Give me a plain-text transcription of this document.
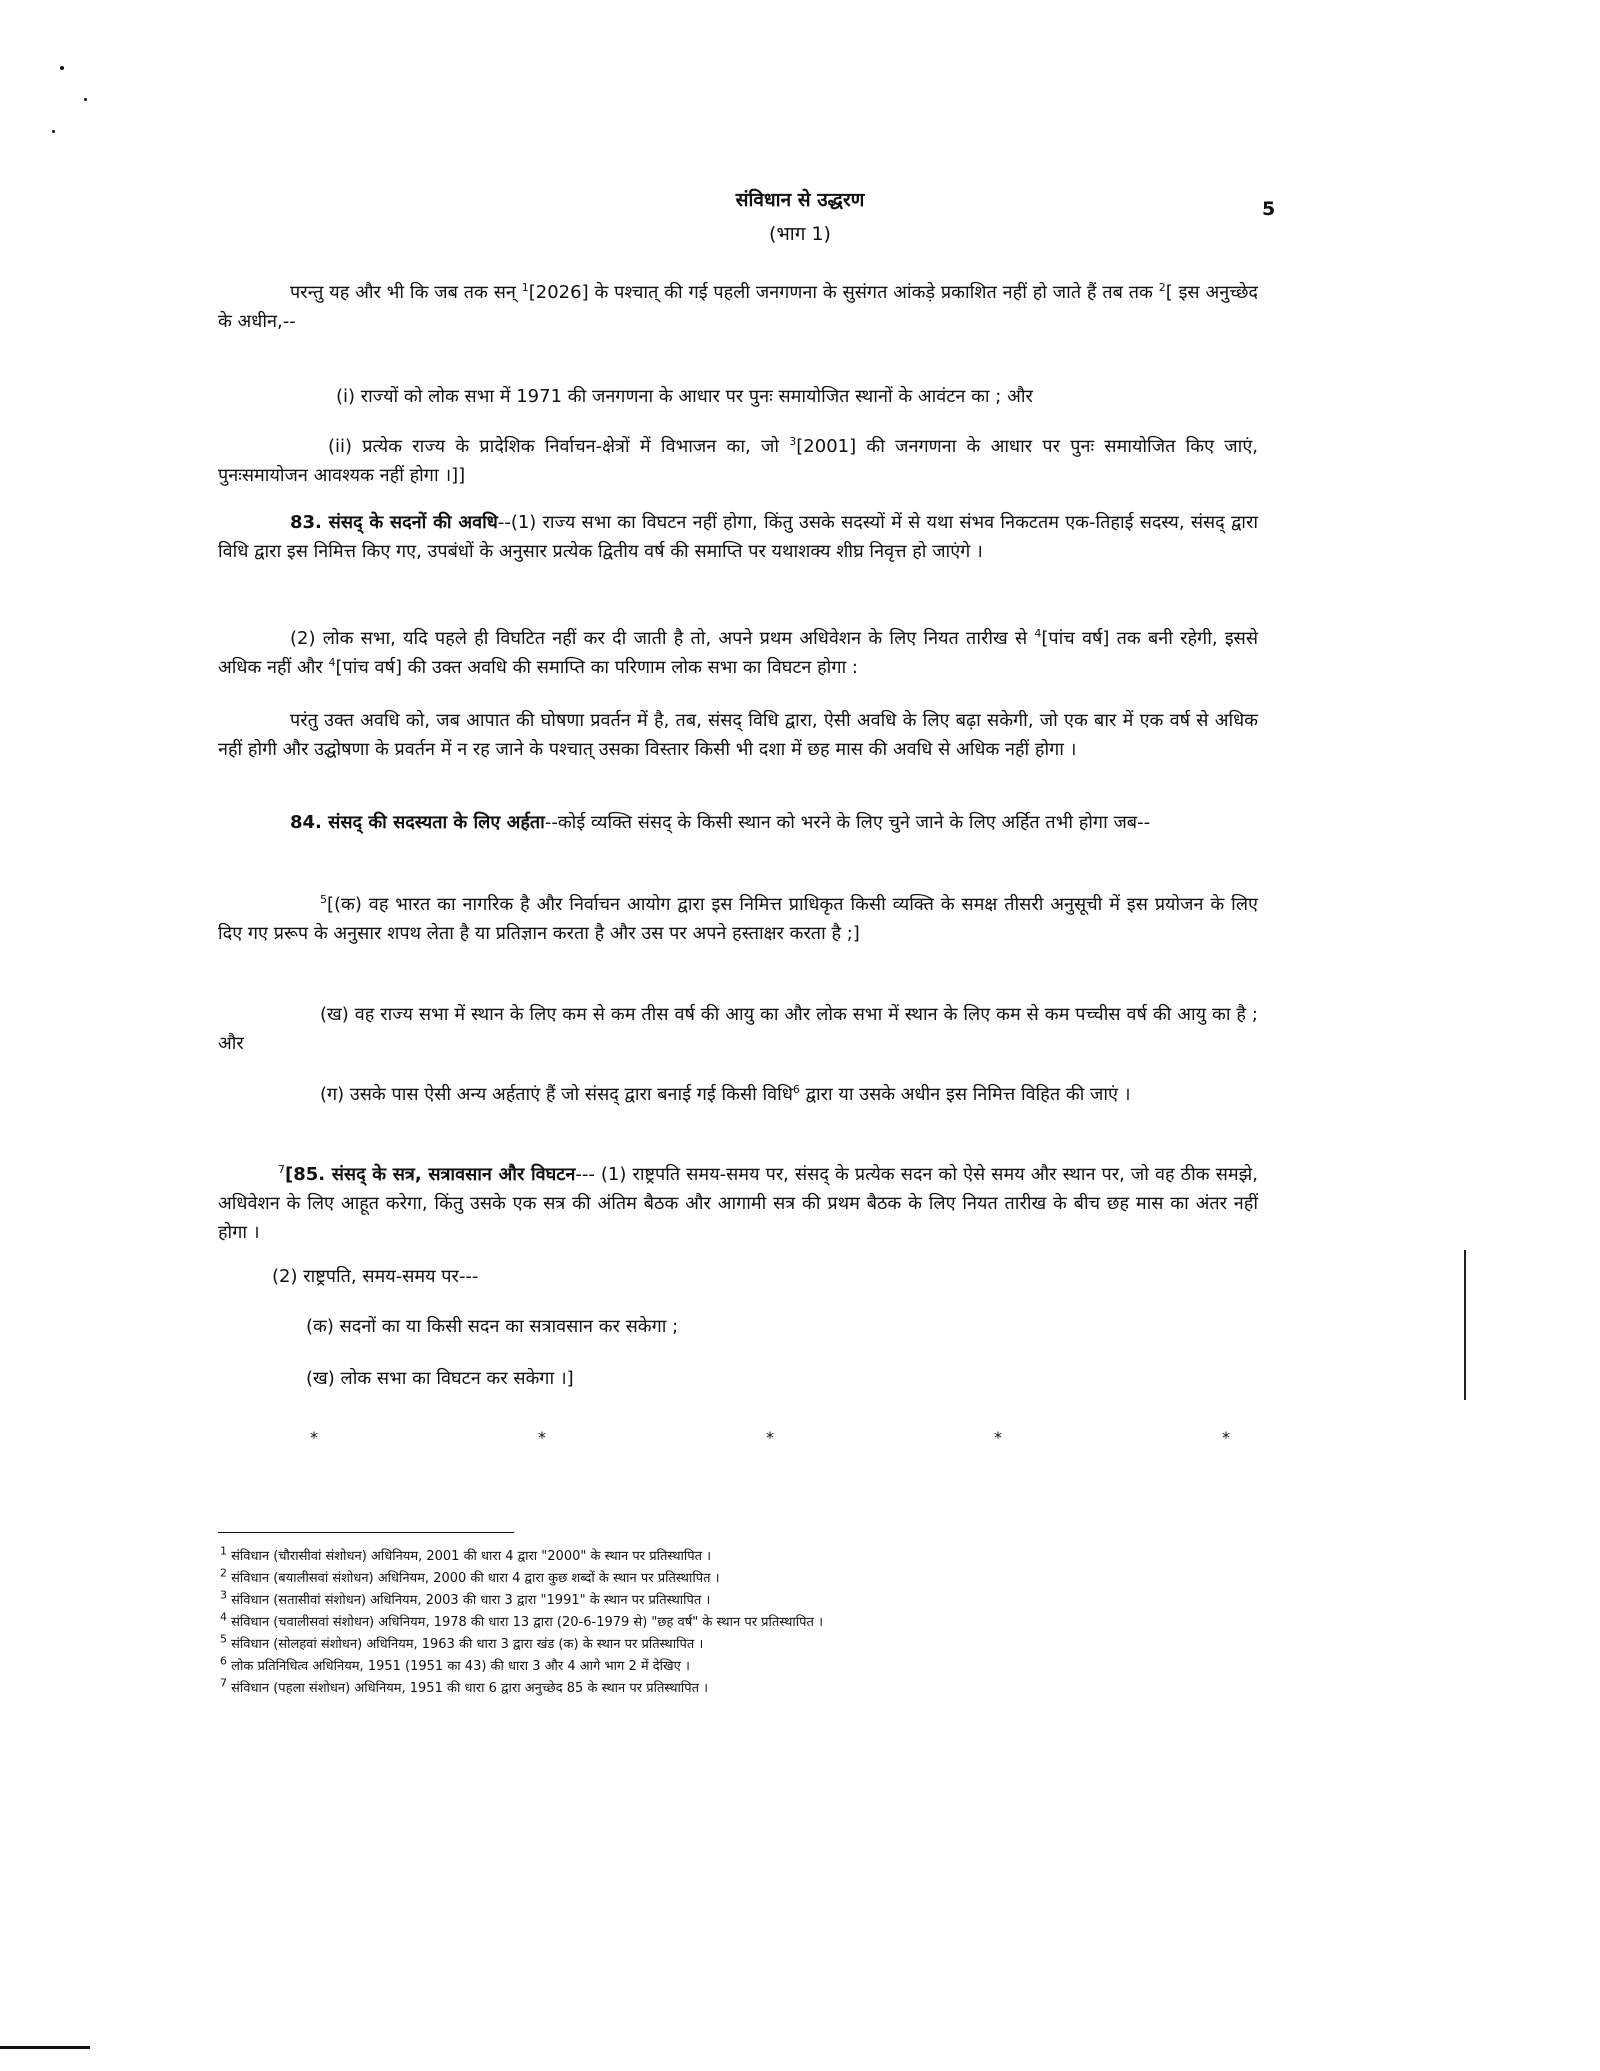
संविधान से उद्धरण
(भाग 1)
5
परन्तु यह और भी कि जब तक सन् $^1$[2026] के पश्चात् की गई पहली जनगणना के सुसंगत आंकड़े प्रकाशित नहीं हो जाते हैं तब तक $^2$[ इस अनुच्छेद के अधीन,--
(i) राज्यों को लोक सभा में 1971 की जनगणना के आधार पर पुनः समायोजित स्थानों के आवंटन का ; और
(ii) प्रत्येक राज्य के प्रादेशिक निर्वाचन-क्षेत्रों में विभाजन का, जो $^3$[2001] की जनगणना के आधार पर पुनः समायोजित किए जाएं, पुनःसमायोजन आवश्यक नहीं होगा ।]]
83. संसद् के सदनों की अवधि--(1) राज्य सभा का विघटन नहीं होगा, किंतु उसके सदस्यों में से यथा संभव निकटतम एक-तिहाई सदस्य, संसद् द्वारा विधि द्वारा इस निमित्त किए गए, उपबंधों के अनुसार प्रत्येक द्वितीय वर्ष की समाप्ति पर यथाशक्य शीघ्र निवृत्त हो जाएंगे ।
(2) लोक सभा, यदि पहले ही विघटित नहीं कर दी जाती है तो, अपने प्रथम अधिवेशन के लिए नियत तारीख से $^4$[पांच वर्ष] तक बनी रहेगी, इससे अधिक नहीं और $^4$[पांच वर्ष] की उक्त अवधि की समाप्ति का परिणाम लोक सभा का विघटन होगा :
परंतु उक्त अवधि को, जब आपात की घोषणा प्रवर्तन में है, तब, संसद् विधि द्वारा, ऐसी अवधि के लिए बढ़ा सकेगी, जो एक बार में एक वर्ष से अधिक नहीं होगी और उद्घोषणा के प्रवर्तन में न रह जाने के पश्चात् उसका विस्तार किसी भी दशा में छह मास की अवधि से अधिक नहीं होगा ।
84. संसद् की सदस्यता के लिए अर्हता--कोई व्यक्ति संसद् के किसी स्थान को भरने के लिए चुने जाने के लिए अर्हित तभी होगा जब--
$^5$[(क) वह भारत का नागरिक है और निर्वाचन आयोग द्वारा इस निमित्त प्राधिकृत किसी व्यक्ति के समक्ष तीसरी अनुसूची में इस प्रयोजन के लिए दिए गए प्ररूप के अनुसार शपथ लेता है या प्रतिज्ञान करता है और उस पर अपने हस्ताक्षर करता है ;]
(ख) वह राज्य सभा में स्थान के लिए कम से कम तीस वर्ष की आयु का और लोक सभा में स्थान के लिए कम से कम पच्चीस वर्ष की आयु का है ; और
(ग) उसके पास ऐसी अन्य अर्हताएं हैं जो संसद् द्वारा बनाई गई किसी विधि$^6$ द्वारा या उसके अधीन इस निमित्त विहित की जाएं ।
$^7$[85. संसद् के सत्र, सत्रावसान और विघटन--- (1) राष्ट्रपति समय-समय पर, संसद् के प्रत्येक सदन को ऐसे समय और स्थान पर, जो वह ठीक समझे, अधिवेशन के लिए आहूत करेगा, किंतु उसके एक सत्र की अंतिम बैठक और आगामी सत्र की प्रथम बैठक के लिए नियत तारीख के बीच छह मास का अंतर नहीं होगा ।
(2) राष्ट्रपति, समय-समय पर---
(क) सदनों का या किसी सदन का सत्रावसान कर सकेगा ;
(ख) लोक सभा का विघटन कर सकेगा ।]
*	*	*	*	*
$^1$ संविधान (चौरासीवां संशोधन) अधिनियम, 2001 की धारा 4 द्वारा "2000" के स्थान पर प्रतिस्थापित ।
$^2$ संविधान (बयालीसवां संशोधन) अधिनियम, 2000 की धारा 4 द्वारा कुछ शब्दों के स्थान पर प्रतिस्थापित ।
$^3$ संविधान (सतासीवां संशोधन) अधिनियम, 2003 की धारा 3 द्वारा "1991" के स्थान पर प्रतिस्थापित ।
$^4$ संविधान (चवालीसवां संशोधन) अधिनियम, 1978 की धारा 13 द्वारा (20-6-1979 से) "छह वर्ष" के स्थान पर प्रतिस्थापित ।
$^5$ संविधान (सोलहवां संशोधन) अधिनियम, 1963 की धारा 3 द्वारा खंड (क) के स्थान पर प्रतिस्थापित ।
$^6$ लोक प्रतिनिधित्व अधिनियम, 1951 (1951 का 43) की धारा 3 और 4 आगे भाग 2 में देखिए ।
$^7$ संविधान (पहला संशोधन) अधिनियम, 1951 की धारा 6 द्वारा अनुच्छेद 85 के स्थान पर प्रतिस्थापित ।
